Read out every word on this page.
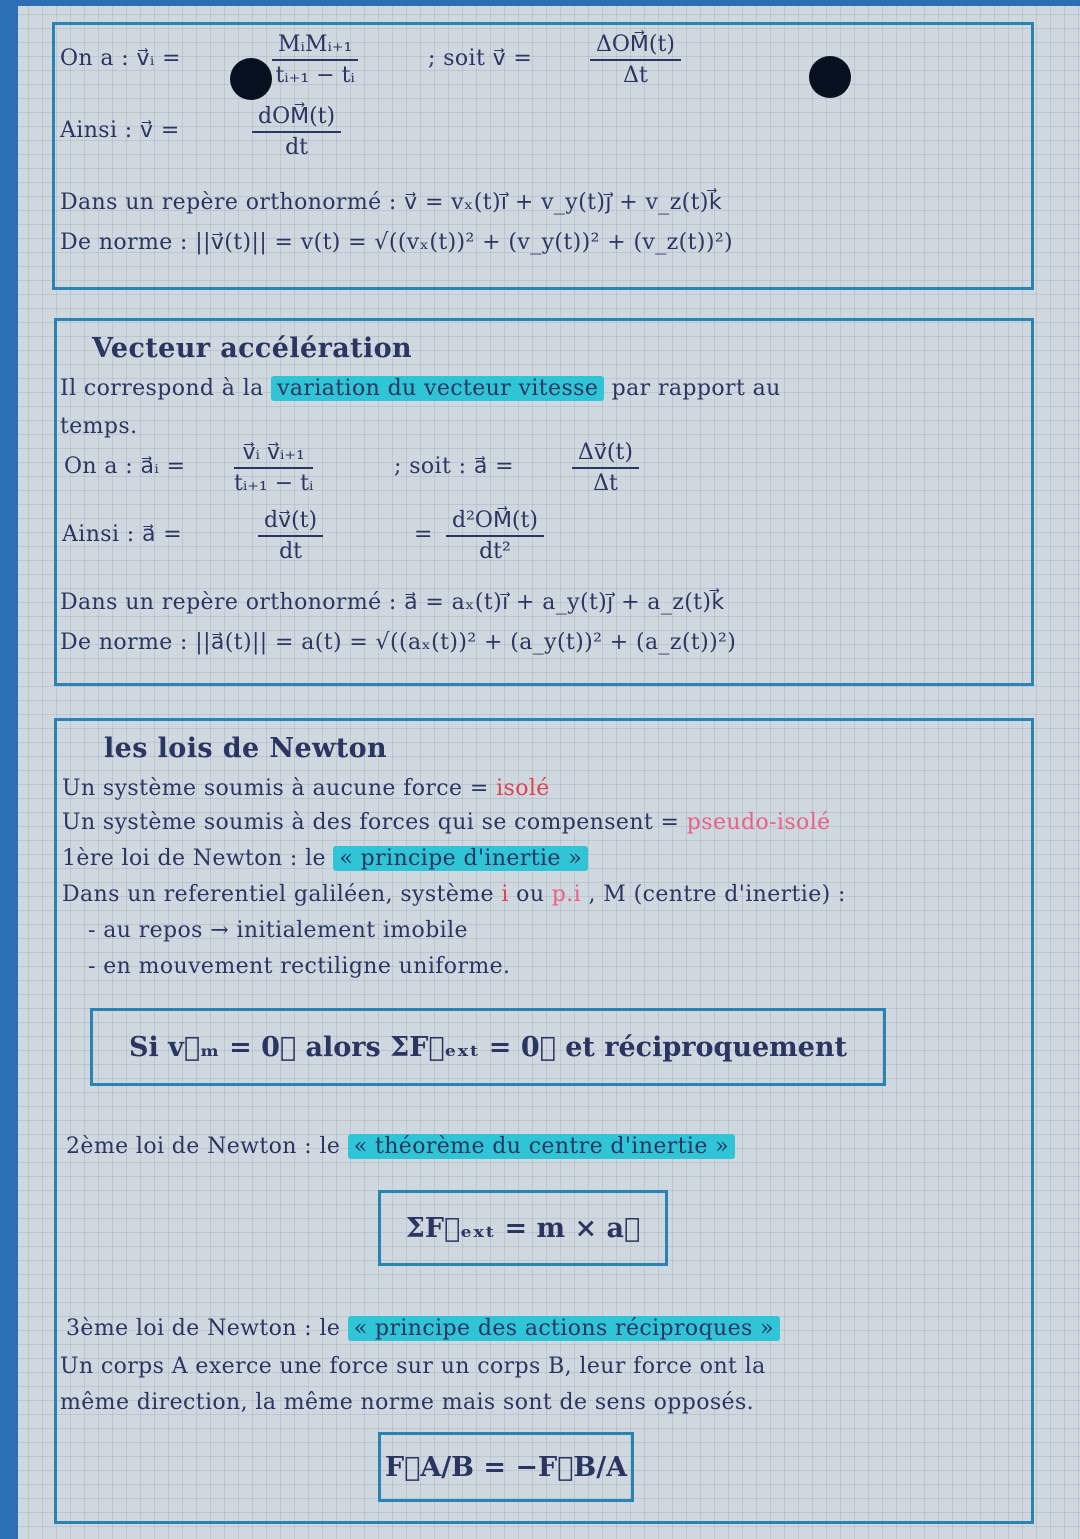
On a : v⃗ᵢ =
MᵢMᵢ₊₁
tᵢ₊₁ − tᵢ
; soit v⃗ =
ΔOM⃗(t)
Δt
Ainsi : v⃗ =
dOM⃗(t)
dt
Dans un repère orthonormé : v⃗ = vₓ(t)i⃗ + v_y(t)j⃗ + v_z(t)k⃗
De norme : ||v⃗(t)|| = v(t) = √((vₓ(t))² + (v_y(t))² + (v_z(t))²)
Vecteur accélération
Il correspond à la variation du vecteur vitesse par rapport au
temps.
On a : a⃗ᵢ = $\frac{\text{v⃗ᵢ v⃗ᵢ₊₁}}{\text{tᵢ₊₁ − tᵢ}}$	; soit : a⃗ =	$\frac{\Delta v⃗(t)}{\Delta t}$
Ainsi : a⃗ =	$\frac{dv⃗(t)}{dt}$	= $\frac{\text{d²OM⃗(t)}}{\text{dt²}}$
Dans un repère orthonormé : a⃗ = aₓ(t)i⃗ + a_y(t)j⃗ + a_z(t)k⃗
De norme : ||a⃗(t)|| = a(t) = √((aₓ(t))² + (a_y(t))² + (a_z(t))²)
les lois de Newton
Un système soumis à aucune force = isolé
Un système soumis à des forces qui se compensent = pseudo-isolé
1ère loi de Newton : le « principe d'inertie »
Dans un referentiel galiléen, système i ou p.i , M (centre d'inertie) :
- au repos → initialement imobile
- en mouvement rectiligne uniforme.
Si v⃗ₘ = 0⃗ alors ΣF⃗ₑₓₜ = 0⃗ et réciproquement
2ème loi de Newton : le « théorème du centre d'inertie »
ΣF⃗ₑₓₜ = m × a⃗
3ème loi de Newton : le « principe des actions réciproques »
Un corps A exerce une force sur un corps B, leur force ont la
même direction, la même norme mais sont de sens opposés.
F⃗A/B = −F⃗B/A
